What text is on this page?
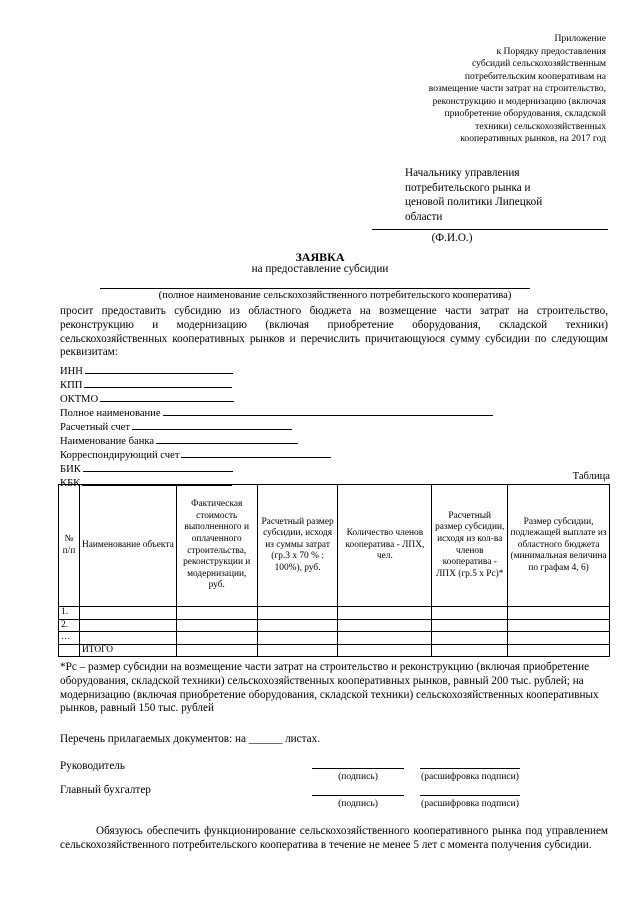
Приложение
к Порядку предоставления
субсидий сельскохозяйственным
потребительским кооперативам на
возмещение части затрат на строительство,
реконструкцию и модернизацию (включая
приобретение оборудования, складской
техники) сельскохозяйственных
кооперативных рынков, на 2017 год
Начальнику управления
потребительского рынка и
ценовой политики Липецкой
области
(Ф.И.О.)
ЗАЯВКА
на предоставление субсидии
(полное наименование сельскохозяйственного потребительского кооператива)
просит предоставить субсидию из областного бюджета на возмещение части затрат на строительство, реконструкцию и модернизацию (включая приобретение оборудования, складской техники) сельскохозяйственных кооперативных рынков и перечислить причитающуюся сумму субсидии по следующим реквизитам:
ИНН
КПП
ОКТМО
Полное наименование
Расчетный счет
Наименование банка
Корреспондирующий счет
БИК
КБК
Таблица
№ п/п	Наименование объекта	Фактическая стоимость выполненного и оплаченного строительства, реконструкции и модернизации, руб.	Расчетный размер субсидии, исходя из суммы затрат (гр.3 х 70 % : 100%), руб.	Количество членов кооператива - ЛПХ, чел.	Расчетный размер субсидии, исходя из кол-ва членов кооператива - ЛПХ (гр.5 х Рс)*	Размер субсидии, подлежащей выплате из областного бюджета (минимальная величина по графам 4, 6)
1.						
2.						
…						
	ИТОГО					
*Рс – размер субсидии на возмещение части затрат на строительство и реконструкцию (включая приобретение оборудования, складской техники) сельскохозяйственных кооперативных рынков, равный 200 тыс. рублей; на модернизацию (включая приобретение оборудования, складской техники) сельскохозяйственных кооперативных рынков, равный 150 тыс. рублей
Перечень прилагаемых документов: на ______ листах.
Руководитель
(подпись)	(расшифровка подписи)
Главный бухгалтер
(подпись)	(расшифровка подписи)
Обязуюсь обеспечить функционирование сельскохозяйственного кооперативного рынка под управлением сельскохозяйственного потребительского кооператива в течение не менее 5 лет с момента получения субсидии.
